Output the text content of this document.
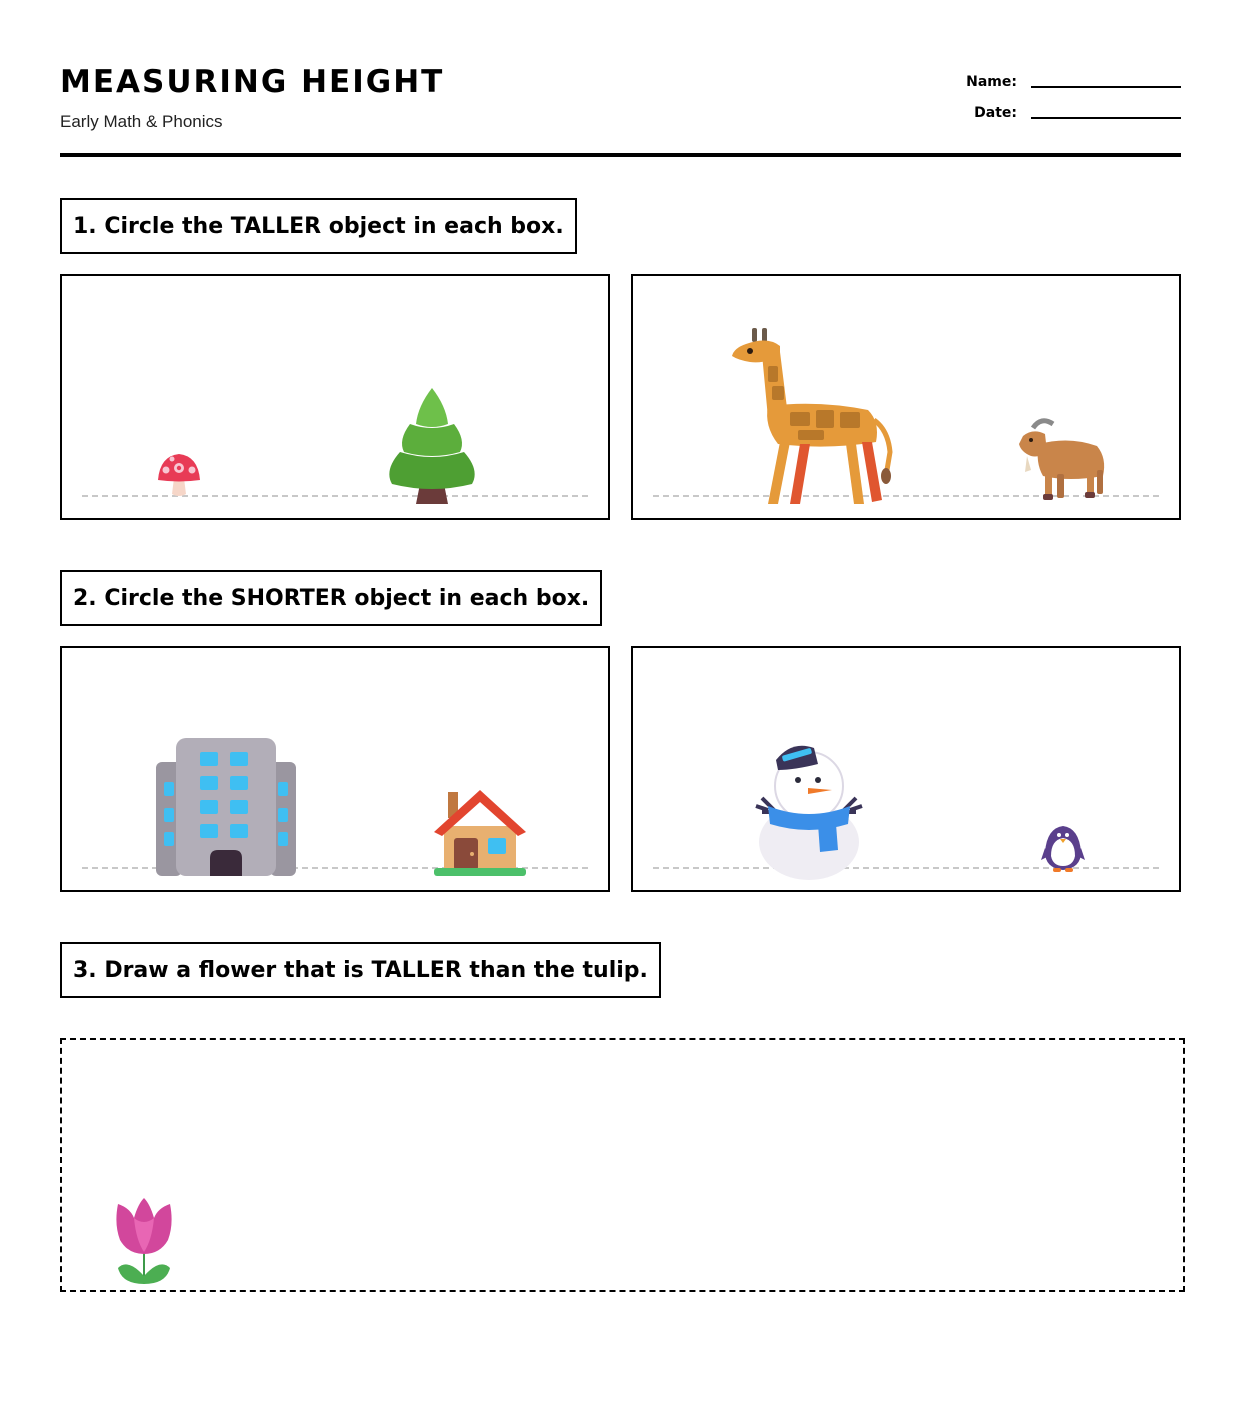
MEASURING HEIGHT
Early Math & Phonics
Name:
Date:
1. Circle the TALLER object in each box.
2. Circle the SHORTER object in each box.
3. Draw a flower that is TALLER than the tulip.
